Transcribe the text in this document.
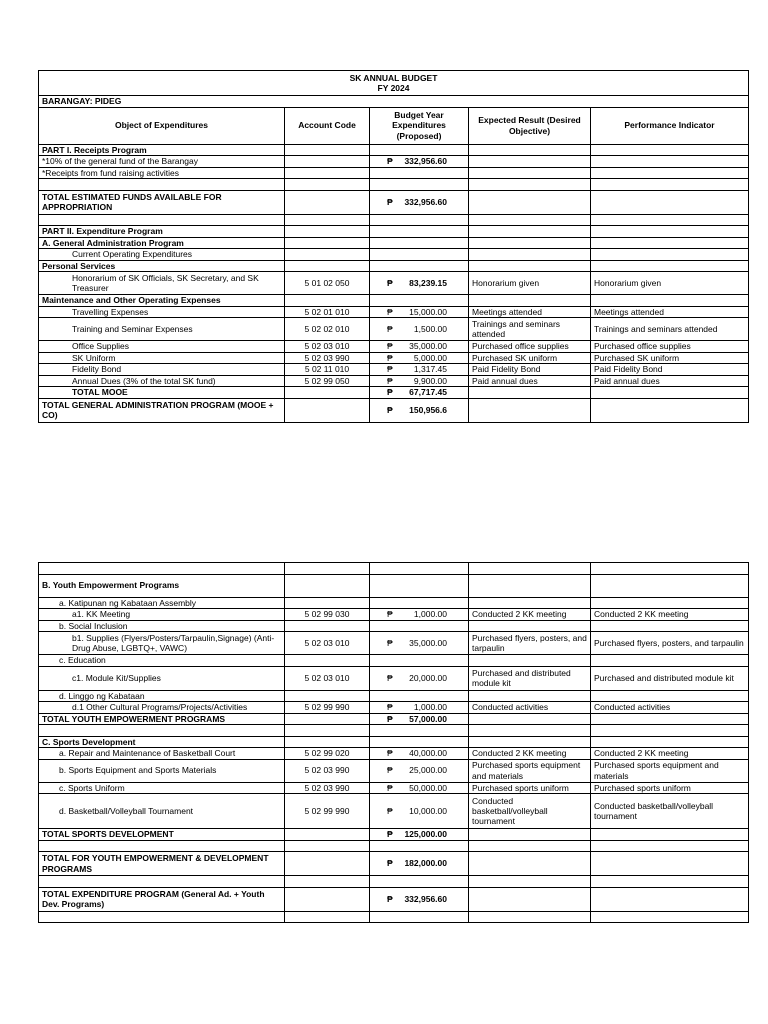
SK ANNUAL BUDGET
FY 2024				

BARANGAY: PIDEG				
Object of Expenditures	Account Code	Budget Year Expenditures (Proposed)	Expected Result (Desired Objective)	Performance Indicator
PART I. Receipts Program				
*10% of the general fund of the Barangay		₱ 332,956.60		

*Receipts from fund raising activities				

TOTAL ESTIMATED FUNDS AVAILABLE FOR APPROPRIATION		₱ 332,956.60		

PART II. Expenditure Program				
A. General Administration Program				
Current Operating Expenditures				
Personal Services				
Honorarium of SK Officials, SK Secretary, and SK Treasurer	5 01 02 050	₱ 83,239.15	Honorarium given	Honorarium given
Maintenance and Other Operating Expenses				
Travelling Expenses	5 02 01 010	₱ 15,000.00	Meetings attended	Meetings attended
Training and Seminar Expenses	5 02 02 010	₱ 1,500.00	Trainings and seminars attended	Trainings and seminars attended
Office Supplies	5 02 03 010	₱ 35,000.00	Purchased office supplies	Purchased office supplies
SK Uniform	5 02 03 990	₱ 5,000.00	Purchased SK uniform	Purchased SK uniform
Fidelity Bond	5 02 11 010	₱ 1,317.45	Paid Fidelity Bond	Paid Fidelity Bond
Annual Dues (3% of the total SK fund)	5 02 99 050	₱ 9,900.00	Paid annual dues	Paid annual dues
TOTAL MOOE		₱ 67,717.45		

TOTAL GENERAL ADMINISTRATION PROGRAM (MOOE + CO)		₱ 150,956.6		

B. Youth Empowerment Programs				
a. Katipunan ng Kabataan Assembly				
a1. KK Meeting	5 02 99 030	₱ 1,000.00	Conducted 2 KK meeting	Conducted 2 KK meeting
b. Social Inclusion				
b1. Supplies (Flyers/Posters/Tarpaulin,Signage) (Anti-Drug Abuse, LGBTQ+, VAWC)	5 02 03 010	₱ 35,000.00	Purchased flyers, posters, and tarpaulin	Purchased flyers, posters, and tarpaulin
c. Education				
c1. Module Kit/Supplies	5 02 03 010	₱ 20,000.00	Purchased and distributed module kit	Purchased and distributed module kit
d. Linggo ng Kabataan				
d.1 Other Cultural Programs/Projects/Activities	5 02 99 990	₱ 1,000.00	Conducted activities	Conducted activities
TOTAL YOUTH EMPOWERMENT PROGRAMS		₱ 57,000.00		

C. Sports Development				
a. Repair and Maintenance of Basketball Court	5 02 99 020	₱ 40,000.00	Conducted 2 KK meeting	Conducted 2 KK meeting
b. Sports Equipment and Sports Materials	5 02 03 990	₱ 25,000.00	Purchased sports equipment and materials	Purchased sports equipment and materials
c. Sports Uniform	5 02 03 990	₱ 50,000.00	Purchased sports uniform	Purchased sports uniform
d. Basketball/Volleyball Tournament	5 02 99 990	₱ 10,000.00	Conducted basketball/volleyball tournament	Conducted basketball/volleyball tournament
TOTAL SPORTS DEVELOPMENT		₱ 125,000.00		

TOTAL FOR YOUTH EMPOWERMENT & DEVELOPMENT PROGRAMS		₱ 182,000.00		

TOTAL EXPENDITURE PROGRAM (General Ad. + Youth Dev. Programs)		₱ 332,956.60		
